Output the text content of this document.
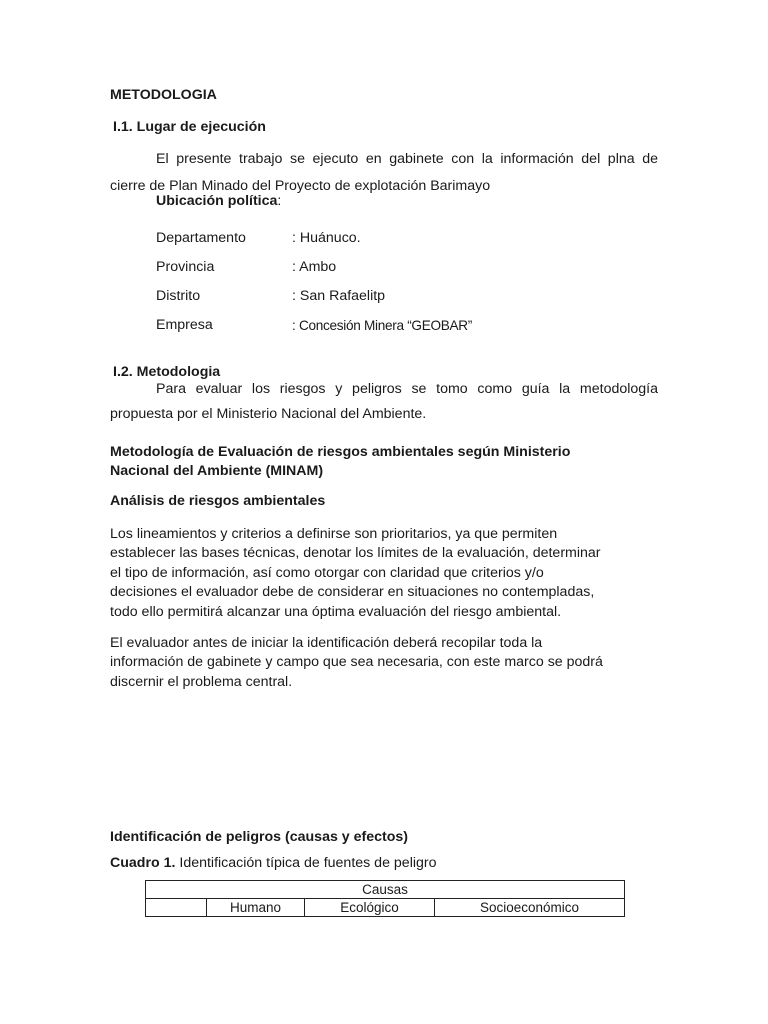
METODOLOGIA
I.1. Lugar de ejecución
El presente trabajo se ejecuto en gabinete con la información del plna de
cierre de Plan Minado del Proyecto de explotación Barimayo
Ubicación política:
Departamento	: Huánuco.
Provincia	: Ambo
Distrito	: San Rafaelitp
Empresa	: Concesión Minera “GEOBAR”
I.2. Metodologia
Para evaluar los riesgos y peligros se tomo como guía la metodología
propuesta por el Ministerio Nacional del Ambiente.
Metodología de Evaluación de riesgos ambientales según Ministerio
Nacional del Ambiente (MINAM)
Análisis de riesgos ambientales
Los lineamientos y criterios a definirse son prioritarios, ya que permiten
establecer las bases técnicas, denotar los límites de la evaluación, determinar
el tipo de información, así como otorgar con claridad que criterios y/o
decisiones el evaluador debe de considerar en situaciones no contempladas,
todo ello permitirá alcanzar una óptima evaluación del riesgo ambiental.
El evaluador antes de iniciar la identificación deberá recopilar toda la
información de gabinete y campo que sea necesaria, con este marco se podrá
discernir el problema central.
Identificación de peligros (causas y efectos)
Cuadro 1. Identificación típica de fuentes de peligro
Causas
	Humano	Ecológico	Socioeconómico
